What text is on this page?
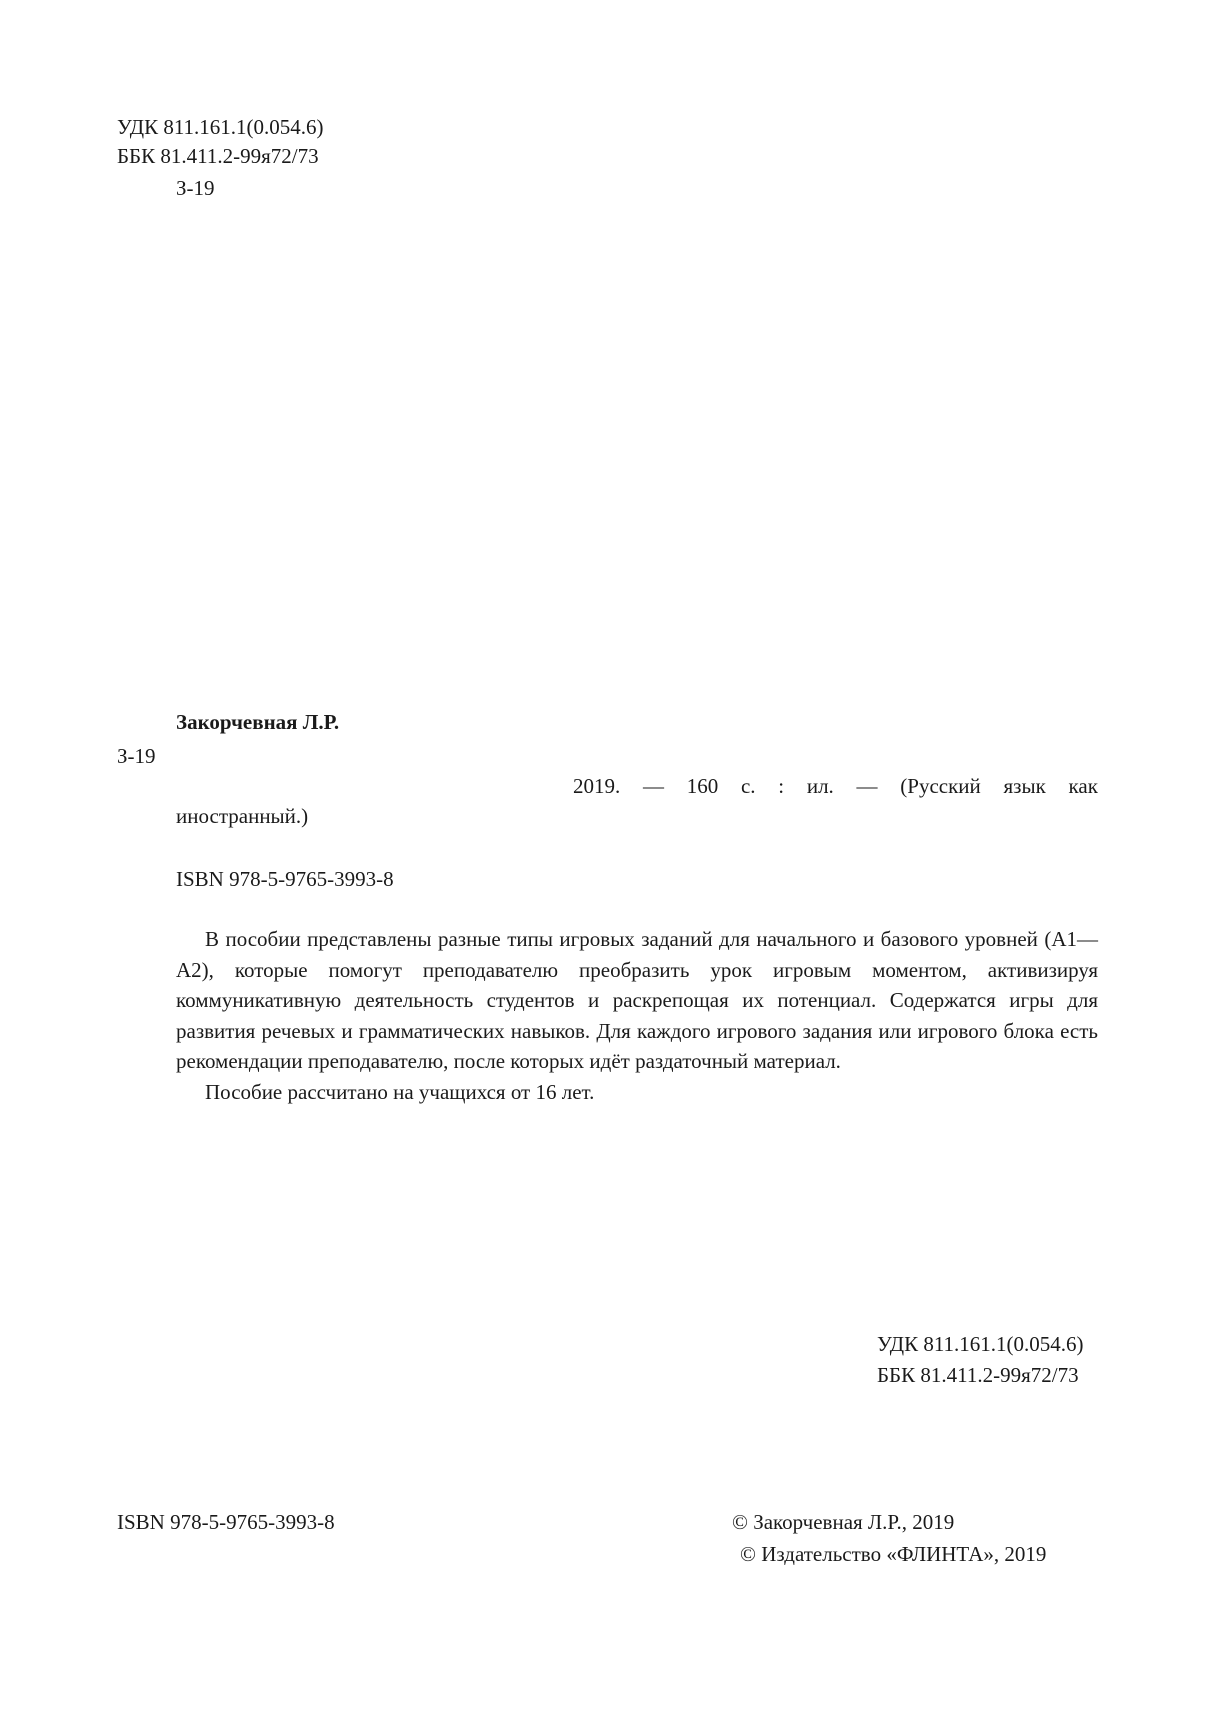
УДК 811.161.1(0.054.6)
ББК 81.411.2-99я72/73
З-19
Закорчевная Л.Р.
З-19
2019. — 160 с. : ил. — (Русский язык как
иностранный.)
ISBN 978-5-9765-3993-8

В пособии представлены разные типы игровых заданий для начального и базового уровней (А1—А2), которые помогут преподавателю преобразить урок игровым моментом, активизируя коммуникативную деятельность студентов и раскрепощая их потенциал. Содержатся игры для развития речевых и грамматических навыков. Для каждого игрового задания или игрового блока есть рекомендации преподавателю, после которых идёт раздаточный материал.

Пособие рассчитано на учащихся от 16 лет.

УДК 811.161.1(0.054.6)
ББК 81.411.2-99я72/73
ISBN 978-5-9765-3993-8	© Закорчевная Л.Р., 2019
© Издательство «ФЛИНТА», 2019
